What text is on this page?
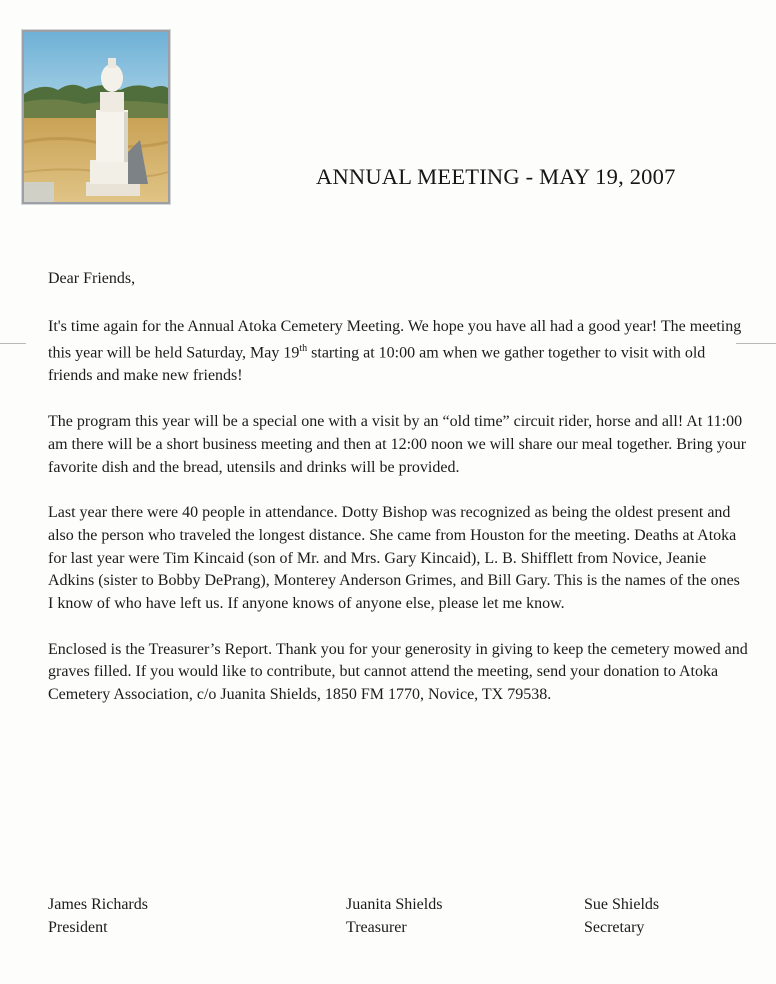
ANNUAL MEETING - MAY 19, 2007

Dear Friends,

It's time again for the Annual Atoka Cemetery Meeting. We hope you have all had a good year! The meeting this year will be held Saturday, May 19th starting at 10:00 am when we gather together to visit with old friends and make new friends!

The program this year will be a special one with a visit by an “old time” circuit rider, horse and all! At 11:00 am there will be a short business meeting and then at 12:00 noon we will share our meal together. Bring your favorite dish and the bread, utensils and drinks will be provided.

Last year there were 40 people in attendance. Dotty Bishop was recognized as being the oldest present and also the person who traveled the longest distance. She came from Houston for the meeting. Deaths at Atoka for last year were Tim Kincaid (son of Mr. and Mrs. Gary Kincaid), L. B. Shifflett from Novice, Jeanie Adkins (sister to Bobby DePrang), Monterey Anderson Grimes, and Bill Gary. This is the names of the ones I know of who have left us. If anyone knows of anyone else, please let me know.

Enclosed is the Treasurer’s Report. Thank you for your generosity in giving to keep the cemetery mowed and graves filled. If you would like to contribute, but cannot attend the meeting, send your donation to Atoka Cemetery Association, c/o Juanita Shields, 1850 FM 1770, Novice, TX 79538.

James Richards
President
Juanita Shields
Treasurer
Sue Shields
Secretary
